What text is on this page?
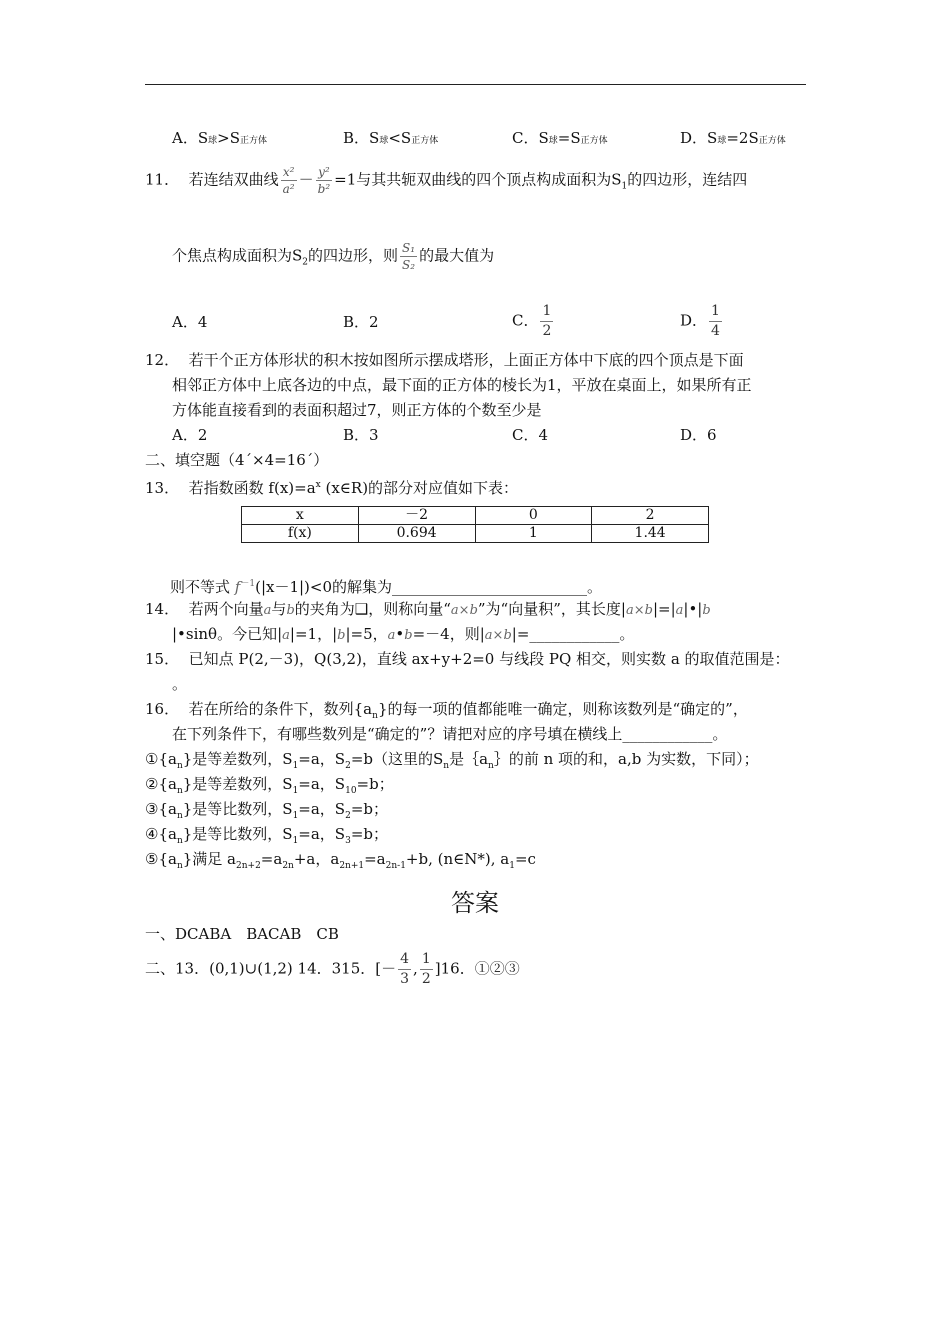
A．S球>S正方体	B．S球<S正方体	C．S球=S正方体	D．S球=2S正方体
11． 若连结双曲线 $\frac{\text{x²}}{\text{a²}} - \frac{\text{y²}}{\text{b²}} =1$与其共轭双曲线的四个顶点构成面积为$S_1$的四边形，连结四
个焦点构成面积为$S_2$的四边形，则 $\frac{\text{S₁}}{\text{S₂}}$ 的最大值为
A．4	B．2	C． $\frac{1}{2}$	D． $\frac{1}{4}$
12． 若干个正方体形状的积木按如图所示摆成塔形，上面正方体中下底的四个顶点是下面
相邻正方体中上底各边的中点，最下面的正方体的棱长为1，平放在桌面上，如果所有正
方体能直接看到的表面积超过7，则正方体的个数至少是
A．2	B．3	C．4	D．6
二、填空题（4´×4=16´）
13． 若指数函数 $f(x)=a^x$ (x∈R)的部分对应值如下表：
x	－2	0	2
f(x)	0.694	1	1.44
则不等式 $f^{-1}(|x-1|)<0$的解集为__________________________。
14． 若两个向量a与b的夹角为❑，则称向量“a×b”为“向量积”，其长度|a×b|=|a|•|b
|•sinθ。今已知|a|=1，|b|=5，a•b=－4，则|a×b|=____________。
15． 已知点 P(2,－3)，Q(3,2)，直线 ax+y+2=0 与线段 PQ 相交，则实数 a 的取值范围是：
。
16． 若在所给的条件下，数列$\{a_n\}$的每一项的值都能唯一确定，则称该数列是“确定的”，
在下列条件下，有哪些数列是“确定的”？请把对应的序号填在横线上____________。
$①\{a_n\}$是等差数列，$S_1=a$，$S_2=b$（这里的$S_n$是$\{a_n\}$的前 n 项的和，a,b 为实数，下同）；
$②\{a_n\}$是等差数列，$S_1=a$，$S_{10}=b$；
$③\{a_n\}$是等比数列，$S_1=a$，$S_2=b$；
$④\{a_n\}$是等比数列，$S_1=a$，$S_3=b$；
$⑤\{a_n\}$满足 $a_{2n+2}=a_{2n}+a$，$a_{2n+1}=a_{2n-1}+b$, (n∈N*), $a_1=c$
答案
一、DCABA　BACAB　CB
二、13．(0,1)∪(1,2) 14．315．[－ $\frac{4}{3}$ , $\frac{1}{2} ]16$．①②③
